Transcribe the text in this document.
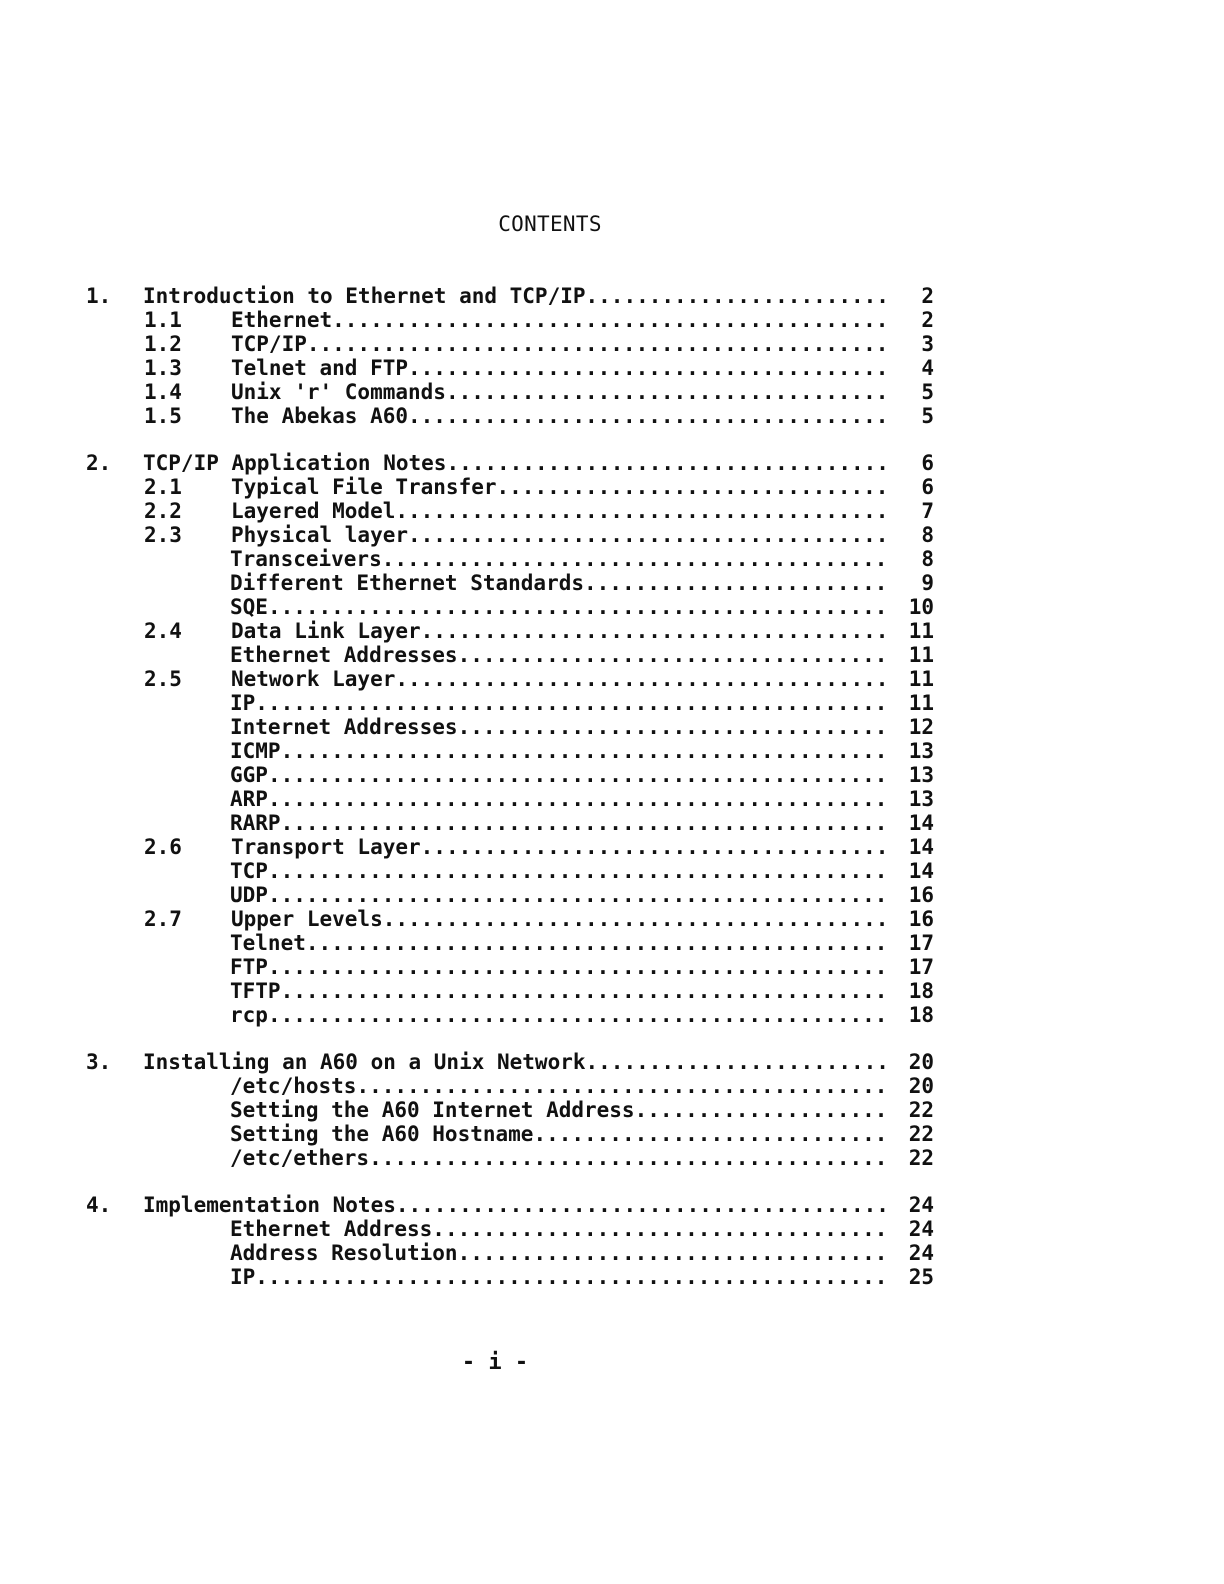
CONTENTS
1. Introduction to Ethernet and TCP/IP .....	2
1.1 Ethernet .....	2
1.2 TCP/IP .....	3
1.3 Telnet and FTP .....	4
1.4 Unix 'r' Commands .....	5
1.5 The Abekas A60 .....	5
2. TCP/IP Application Notes .....	6
2.1 Typical File Transfer .....	6
2.2 Layered Model .....	7
2.3 Physical layer .....	8
Transceivers .....	8
Different Ethernet Standards .....	9
SQE .....	10
2.4 Data Link Layer .....	11
Ethernet Addresses .....	11
2.5 Network Layer .....	11
IP .....	11
Internet Addresses .....	12
ICMP .....	13
GGP .....	13
ARP .....	13
RARP .....	14
2.6 Transport Layer .....	14
TCP .....	14
UDP .....	16
2.7 Upper Levels .....	16
Telnet .....	17
FTP .....	17
TFTP .....	18
rcp .....	18
3. Installing an A60 on a Unix Network .....	20
/etc/hosts .....	20
Setting the A60 Internet Address .....	22
Setting the A60 Hostname .....	22
/etc/ethers .....	22
4. Implementation Notes .....	24
Ethernet Address .....	24
Address Resolution .....	24
IP .....	25
- i -
